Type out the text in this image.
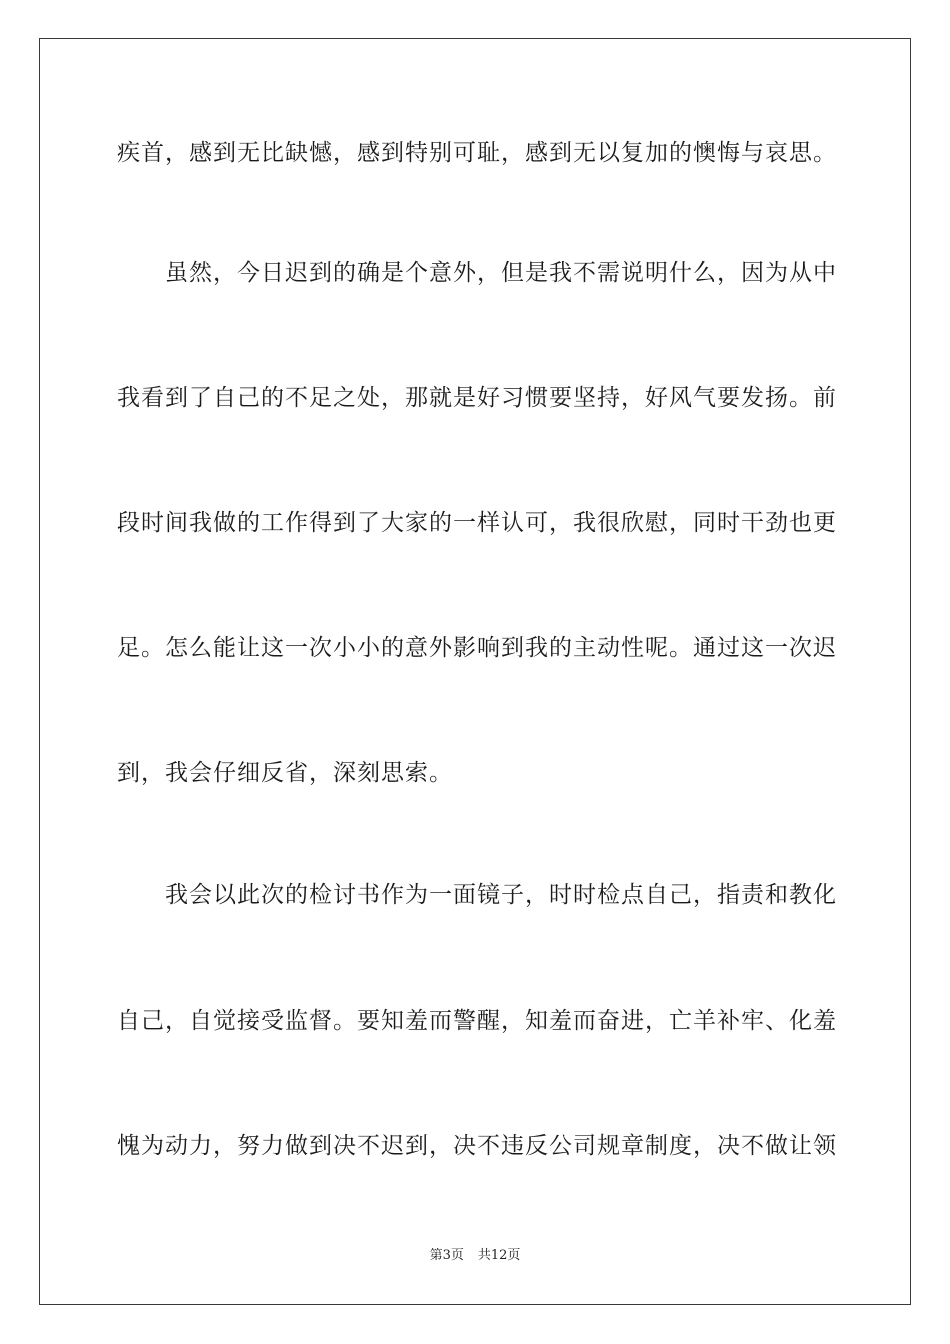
疾首，感到无比缺憾，感到特别可耻，感到无以复加的懊悔与哀思。
虽然，今日迟到的确是个意外，但是我不需说明什么，因为从中
我看到了自己的不足之处，那就是好习惯要坚持，好风气要发扬。前
段时间我做的工作得到了大家的一样认可，我很欣慰，同时干劲也更
足。怎么能让这一次小小的意外影响到我的主动性呢。通过这一次迟
到，我会仔细反省，深刻思索。
我会以此次的检讨书作为一面镜子，时时检点自己，指责和教化
自己，自觉接受监督。要知羞而警醒，知羞而奋进，亡羊补牢、化羞
愧为动力，努力做到决不迟到，决不违反公司规章制度，决不做让领
第3页 共12页
